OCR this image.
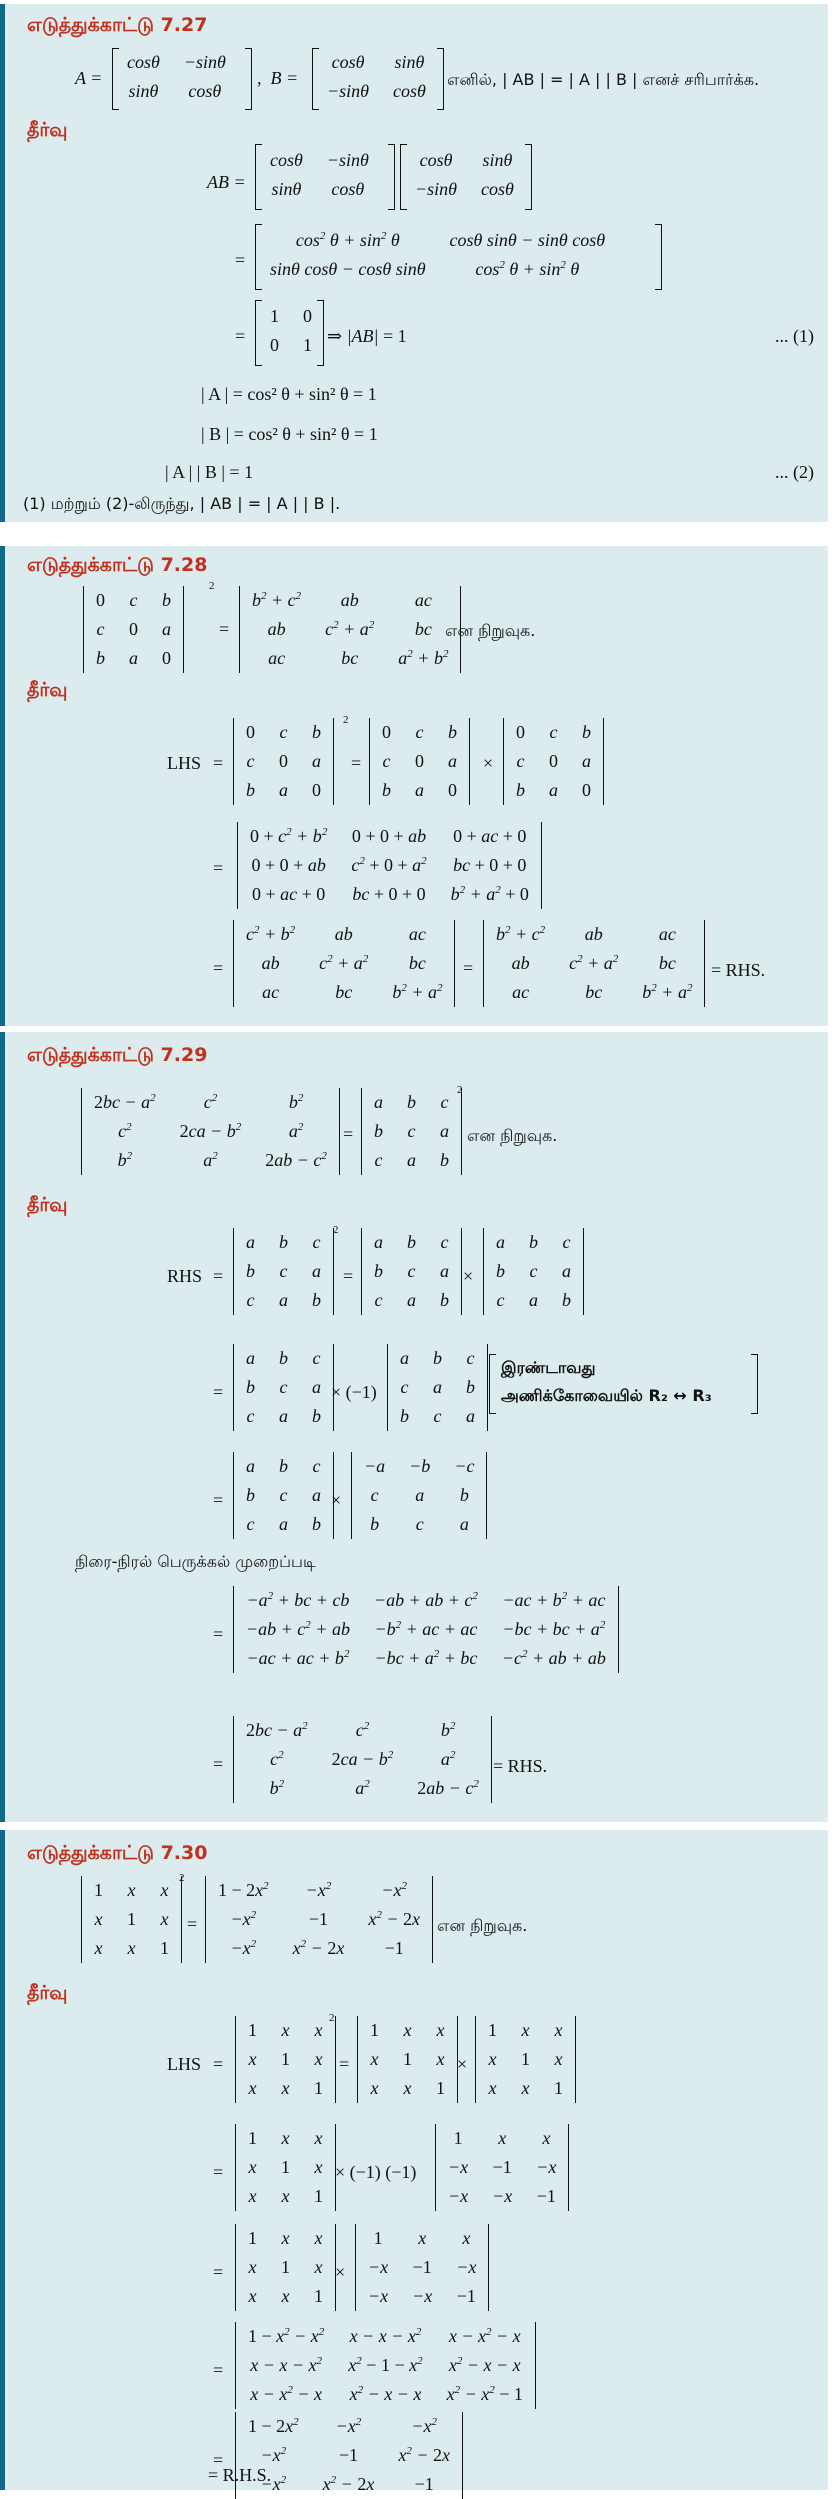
எடுத்துக்காட்டு 7.27
A =
cosθ	−sinθ
sinθ	cosθ
,  B =
cosθ	sinθ
−sinθ	cosθ
எனில், | AB | = | A | | B | எனச் சரிபார்க்க.
தீர்வு
AB =
cosθ	−sinθ
sinθ	cosθ
cosθ	sinθ
−sinθ	cosθ
=
$\cos^2 \theta + \sin^2 \theta$	cosθ sinθ − sinθ cosθ
sinθ cosθ − cosθ sinθ	$\cos^2 \theta + \sin^2 \theta$
=
1	0
0	1 ⇒ |AB| = 1	... (1)
| A | = cos² θ + sin² θ = 1
| B | = cos² θ + sin² θ = 1
| A | | B | = 1	... (2)
(1) மற்றும் (2)-லிருந்து, | AB | = | A | | B |.
எடுத்துக்காட்டு 7.28
0	c	b
c	0	a
b	a	0
2
=
$b^2 + c^2$	ab	ac
ab	$c^2 + a^2$	bc
ac	bc	$a^2 + b^2$
என நிறுவுக.
தீர்வு
LHS =
0	c	b
c	0	a
b	a	0
2
=
0	c	b
c	0	a
b	a	0
×
0	c	b
c	0	a
b	a	0
=
$0 + c^2 + b^2$	0 + 0 + ab	0 + ac + 0
0 + 0 + ab	$c^2 + 0 + a^2$	bc + 0 + 0
0 + ac + 0	bc + 0 + 0	$b^2 + a^2 + 0$
=
$c^2 + b^2$	ab	ac
ab	$c^2 + a^2$	bc
ac	bc	$b^2 + a^2$
=
$b^2 + c^2$	ab	ac
ab	$c^2 + a^2$	bc
ac	bc	$b^2 + a^2$
= RHS.
எடுத்துக்காட்டு 7.29
$2bc - a^2$	$c^2$	$b^2$
$c^2$	$2ca - b^2$	$a^2$
$b^2$	$a^2$	$2ab - c^2$
=
a	b	c
b	c	a
c	a	b
2
என நிறுவுக.
தீர்வு
RHS =
a	b	c
b	c	a
c	a	b
2
=
a	b	c
b	c	a
c	a	b
×
a	b	c
b	c	a
c	a	b
=
a	b	c
b	c	a
c	a	b
× (−1)
a	b	c
c	a	b
b	c	a
இரண்டாவது
அணிக்கோவையில் R₂ ↔ R₃
=
a	b	c
b	c	a
c	a	b
×
−a	−b	−c
c	a	b
b	c	a
நிரை-நிரல் பெருக்கல் முறைப்படி
=
$-a^2$ + bc + cb	−ab + ab + $c^2$	$-ac + b^2$ + ac
$-ab + c^2$ + ab	$-b^2$ + ac + ac	−bc + bc + $a^2$
−ac + ac + $b^2$	$-bc + a^2$ + bc	$-c^2$ + ab + ab
=
$2bc - a^2$	$c^2$	$b^2$
$c^2$	$2ca - b^2$	$a^2$
$b^2$	$a^2$	$2ab - c^2$
= RHS.
எடுத்துக்காட்டு 7.30
1	x	x
x	1	x
x	x	1
2
=
$1 - 2x^2$	$-x^2$	$-x^2$
$-x^2$	−1	$x^2 - 2x$
$-x^2$	$x^2 - 2x$	−1
என நிறுவுக.
தீர்வு
LHS =
1	x	x
x	1	x
x	x	1
2
=
1	x	x
x	1	x
x	x	1
×
1	x	x
x	1	x
x	x	1
=
1	x	x
x	1	x
x	x	1
× (−1) (−1)
1	x	x
−x	−1	−x
−x	−x	−1
=
1	x	x
x	1	x
x	x	1
×
1	x	x
−x	−1	−x
−x	−x	−1
=
$1 - x^2 - x^2$	$x - x - x^2$	$x - x^2 - x$
$x - x - x^2$	$x^2 - 1 - x^2$	$x^2 - x - x$
$x - x^2 - x$	$x^2 - x - x$	$x^2 - x^2 - 1$
=
$1 - 2x^2$	$-x^2$	$-x^2$
$-x^2$	−1	$x^2 - 2x$
$-x^2$	$x^2 - 2x$	−1
= R.H.S.
